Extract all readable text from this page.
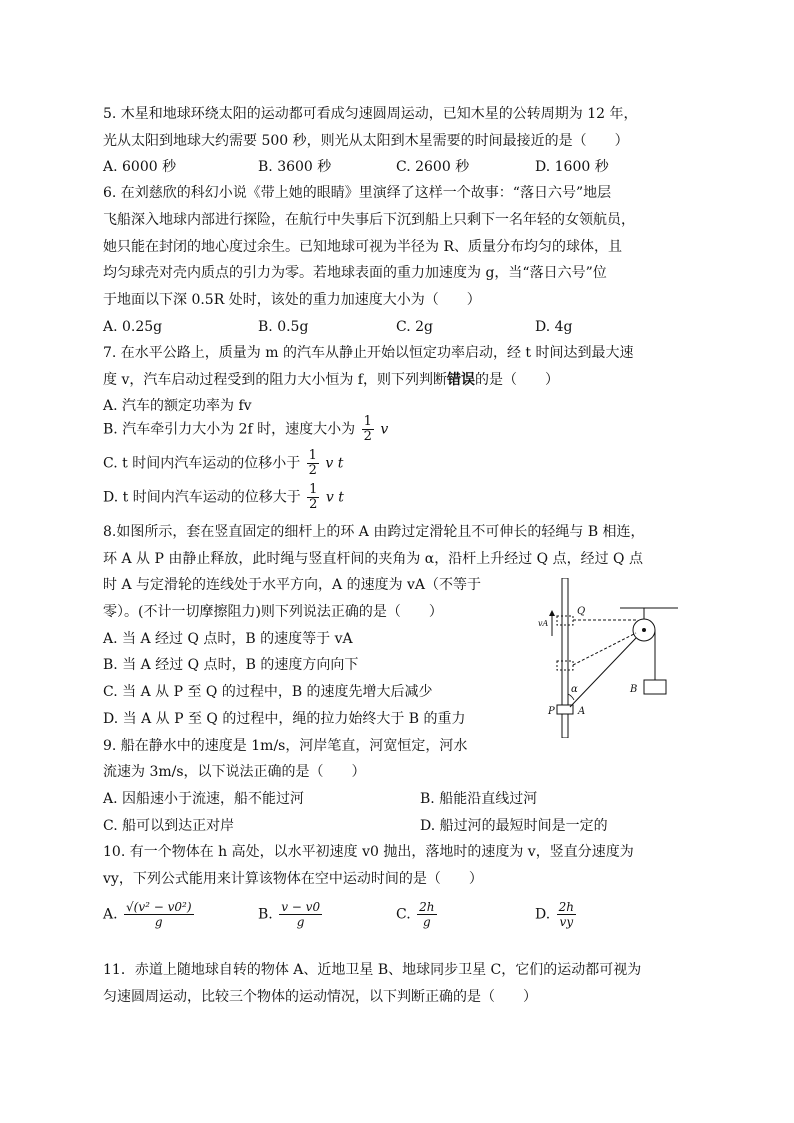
5. 木星和地球环绕太阳的运动都可看成匀速圆周运动，已知木星的公转周期为 12 年，
光从太阳到地球大约需要 500 秒，则光从太阳到木星需要的时间最接近的是（　　）
A. 6000 秒	B. 3600 秒	C. 2600 秒	D. 1600 秒
6. 在刘慈欣的科幻小说《带上她的眼睛》里演绎了这样一个故事：“落日六号”地层
飞船深入地球内部进行探险，在航行中失事后下沉到船上只剩下一名年轻的女领航员，
她只能在封闭的地心度过余生。已知地球可视为半径为 R、质量分布均匀的球体，且
均匀球壳对壳内质点的引力为零。若地球表面的重力加速度为 g，当“落日六号”位
于地面以下深 0.5R 处时，该处的重力加速度大小为（　　）
A. 0.25g	B. 0.5g	C. 2g	D. 4g
7. 在水平公路上，质量为 m 的汽车从静止开始以恒定功率启动，经 t 时间达到最大速
度 v，汽车启动过程受到的阻力大小恒为 f，则下列判断错误的是（　　）
A. 汽车的额定功率为 fv
B. 汽车牵引力大小为 2f 时，速度大小为 $\frac{1}{2}$ v
C. t 时间内汽车运动的位移小于 $\frac{1}{2}$ v t
D. t 时间内汽车运动的位移大于 $\frac{1}{2}$ v t
8.如图所示，套在竖直固定的细杆上的环 A 由跨过定滑轮且不可伸长的轻绳与 B 相连，
环 A 从 P 由静止释放，此时绳与竖直杆间的夹角为 α，沿杆上升经过 Q 点，经过 Q 点
时 A 与定滑轮的连线处于水平方向，A 的速度为 vA（不等于
零）。(不计一切摩擦阻力)则下列说法正确的是（　　）
A. 当 A 经过 Q 点时，B 的速度等于 vA
B. 当 A 经过 Q 点时，B 的速度方向向下
C. 当 A 从 P 至 Q 的过程中，B 的速度先增大后减少
D. 当 A 从 P 至 Q 的过程中，绳的拉力始终大于 B 的重力
Q
vA
B
α
P A
9. 船在静水中的速度是 1m/s，河岸笔直，河宽恒定，河水
流速为 3m/s，以下说法正确的是（　　）
A. 因船速小于流速，船不能过河	B. 船能沿直线过河
C. 船可以到达正对岸	D. 船过河的最短时间是一定的
10. 有一个物体在 h 高处，以水平初速度 v0 抛出，落地时的速度为 v，竖直分速度为
vy，下列公式能用来计算该物体在空中运动时间的是（　　）
A. $\frac{\text{√(v² − v0²)}}{g}$	B. $\frac{v - v0}{g}$	C. $\frac{2h}{g}$	D. $\frac{2h}{vy}$
11．赤道上随地球自转的物体 A、近地卫星 B、地球同步卫星 C，它们的运动都可视为
匀速圆周运动，比较三个物体的运动情况，以下判断正确的是（　　）
